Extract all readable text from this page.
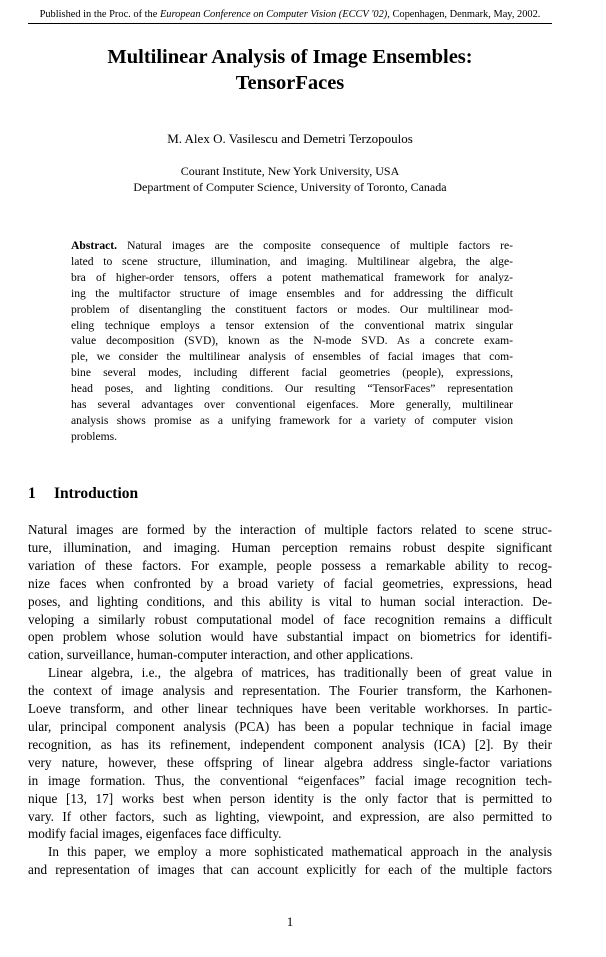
Published in the Proc. of the European Conference on Computer Vision (ECCV '02), Copenhagen, Denmark, May, 2002.
Multilinear Analysis of Image Ensembles:
TensorFaces
M. Alex O. Vasilescu and Demetri Terzopoulos
Courant Institute, New York University, USA
Department of Computer Science, University of Toronto, Canada
Abstract. Natural images are the composite consequence of multiple factors re-
lated to scene structure, illumination, and imaging. Multilinear algebra, the alge-
bra of higher-order tensors, offers a potent mathematical framework for analyz-
ing the multifactor structure of image ensembles and for addressing the difficult
problem of disentangling the constituent factors or modes. Our multilinear mod-
eling technique employs a tensor extension of the conventional matrix singular
value decomposition (SVD), known as the N-mode SVD. As a concrete exam-
ple, we consider the multilinear analysis of ensembles of facial images that com-
bine several modes, including different facial geometries (people), expressions,
head poses, and lighting conditions. Our resulting “TensorFaces” representation
has several advantages over conventional eigenfaces. More generally, multilinear
analysis shows promise as a unifying framework for a variety of computer vision
problems.
1 Introduction
Natural images are formed by the interaction of multiple factors related to scene struc-
ture, illumination, and imaging. Human perception remains robust despite significant
variation of these factors. For example, people possess a remarkable ability to recog-
nize faces when confronted by a broad variety of facial geometries, expressions, head
poses, and lighting conditions, and this ability is vital to human social interaction. De-
veloping a similarly robust computational model of face recognition remains a difficult
open problem whose solution would have substantial impact on biometrics for identifi-
cation, surveillance, human-computer interaction, and other applications.
Linear algebra, i.e., the algebra of matrices, has traditionally been of great value in
the context of image analysis and representation. The Fourier transform, the Karhonen-
Loeve transform, and other linear techniques have been veritable workhorses. In partic-
ular, principal component analysis (PCA) has been a popular technique in facial image
recognition, as has its refinement, independent component analysis (ICA) [2]. By their
very nature, however, these offspring of linear algebra address single-factor variations
in image formation. Thus, the conventional “eigenfaces” facial image recognition tech-
nique [13, 17] works best when person identity is the only factor that is permitted to
vary. If other factors, such as lighting, viewpoint, and expression, are also permitted to
modify facial images, eigenfaces face difficulty.
In this paper, we employ a more sophisticated mathematical approach in the analysis
and representation of images that can account explicitly for each of the multiple factors
1
